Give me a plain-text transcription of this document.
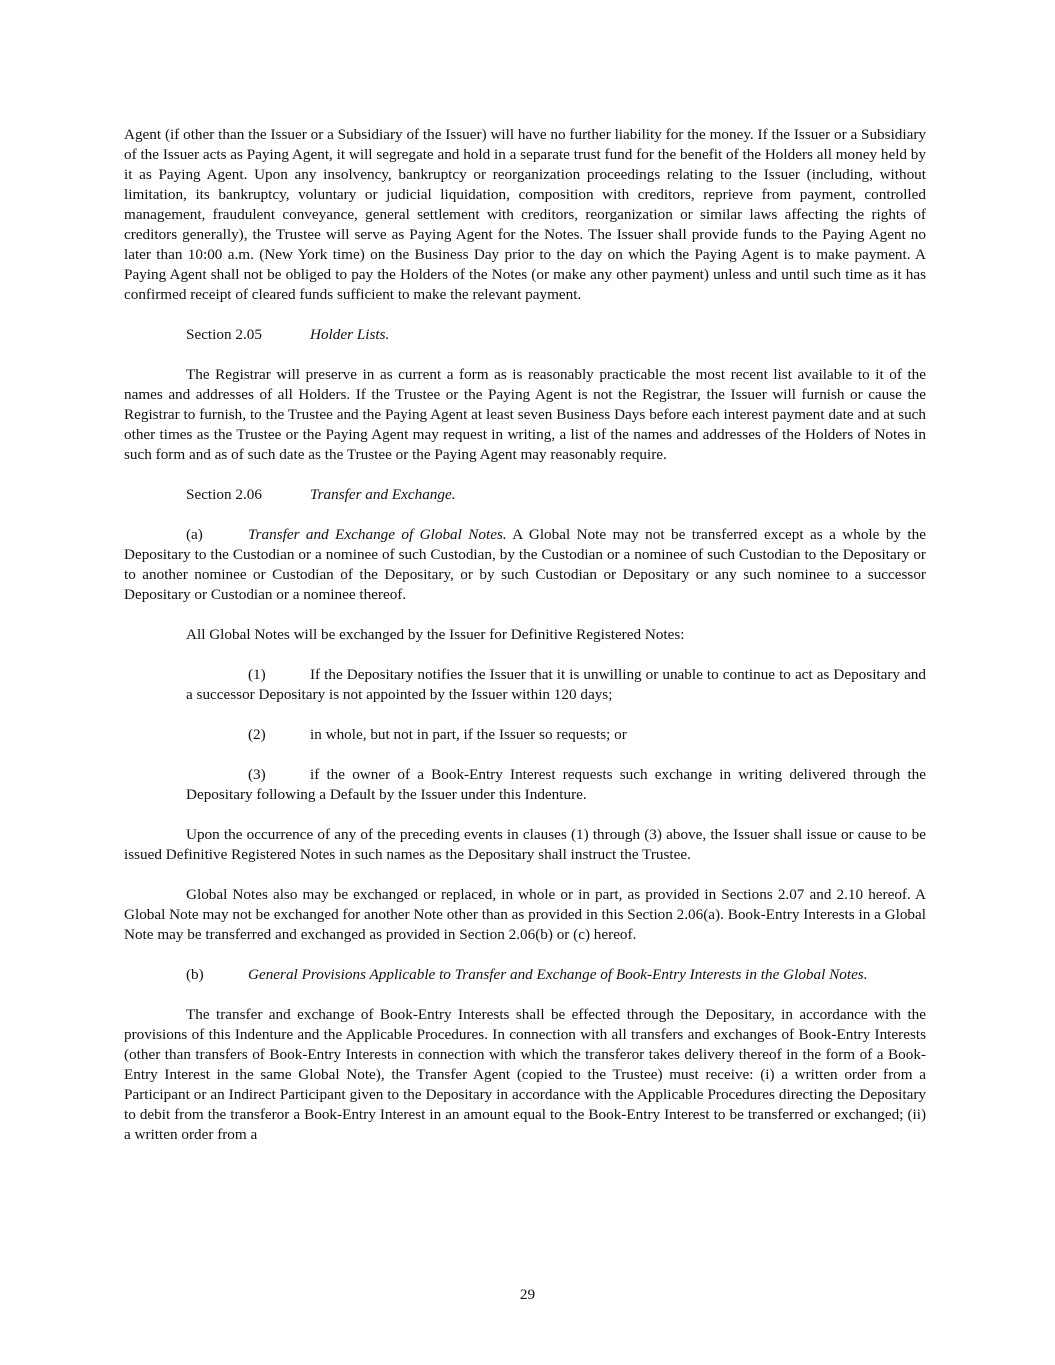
Agent (if other than the Issuer or a Subsidiary of the Issuer) will have no further liability for the money. If the Issuer or a Subsidiary of the Issuer acts as Paying Agent, it will segregate and hold in a separate trust fund for the benefit of the Holders all money held by it as Paying Agent. Upon any insolvency, bankruptcy or reorganization proceedings relating to the Issuer (including, without limitation, its bankruptcy, voluntary or judicial liquidation, composition with creditors, reprieve from payment, controlled management, fraudulent conveyance, general settlement with creditors, reorganization or similar laws affecting the rights of creditors generally), the Trustee will serve as Paying Agent for the Notes. The Issuer shall provide funds to the Paying Agent no later than 10:00 a.m. (New York time) on the Business Day prior to the day on which the Paying Agent is to make payment. A Paying Agent shall not be obliged to pay the Holders of the Notes (or make any other payment) unless and until such time as it has confirmed receipt of cleared funds sufficient to make the relevant payment.

Section 2.05	Holder Lists.

The Registrar will preserve in as current a form as is reasonably practicable the most recent list available to it of the names and addresses of all Holders. If the Trustee or the Paying Agent is not the Registrar, the Issuer will furnish or cause the Registrar to furnish, to the Trustee and the Paying Agent at least seven Business Days before each interest payment date and at such other times as the Trustee or the Paying Agent may request in writing, a list of the names and addresses of the Holders of Notes in such form and as of such date as the Trustee or the Paying Agent may reasonably require.

Section 2.06	Transfer and Exchange.

(a)	Transfer and Exchange of Global Notes. A Global Note may not be transferred except as a whole by the Depositary to the Custodian or a nominee of such Custodian, by the Custodian or a nominee of such Custodian to the Depositary or to another nominee or Custodian of the Depositary, or by such Custodian or Depositary or any such nominee to a successor Depositary or Custodian or a nominee thereof.

All Global Notes will be exchanged by the Issuer for Definitive Registered Notes:

(1)	If the Depositary notifies the Issuer that it is unwilling or unable to continue to act as Depositary and a successor Depositary is not appointed by the Issuer within 120 days;

(2)	in whole, but not in part, if the Issuer so requests; or

(3)	if the owner of a Book-Entry Interest requests such exchange in writing delivered through the Depositary following a Default by the Issuer under this Indenture.

Upon the occurrence of any of the preceding events in clauses (1) through (3) above, the Issuer shall issue or cause to be issued Definitive Registered Notes in such names as the Depositary shall instruct the Trustee.

Global Notes also may be exchanged or replaced, in whole or in part, as provided in Sections 2.07 and 2.10 hereof. A Global Note may not be exchanged for another Note other than as provided in this Section 2.06(a). Book-Entry Interests in a Global Note may be transferred and exchanged as provided in Section 2.06(b) or (c) hereof.

(b)	General Provisions Applicable to Transfer and Exchange of Book-Entry Interests in the Global Notes.

The transfer and exchange of Book-Entry Interests shall be effected through the Depositary, in accordance with the provisions of this Indenture and the Applicable Procedures. In connection with all transfers and exchanges of Book-Entry Interests (other than transfers of Book-Entry Interests in connection with which the transferor takes delivery thereof in the form of a Book-Entry Interest in the same Global Note), the Transfer Agent (copied to the Trustee) must receive: (i) a written order from a Participant or an Indirect Participant given to the Depositary in accordance with the Applicable Procedures directing the Depositary to debit from the transferor a Book-Entry Interest in an amount equal to the Book-Entry Interest to be transferred or exchanged; (ii) a written order from a

29
